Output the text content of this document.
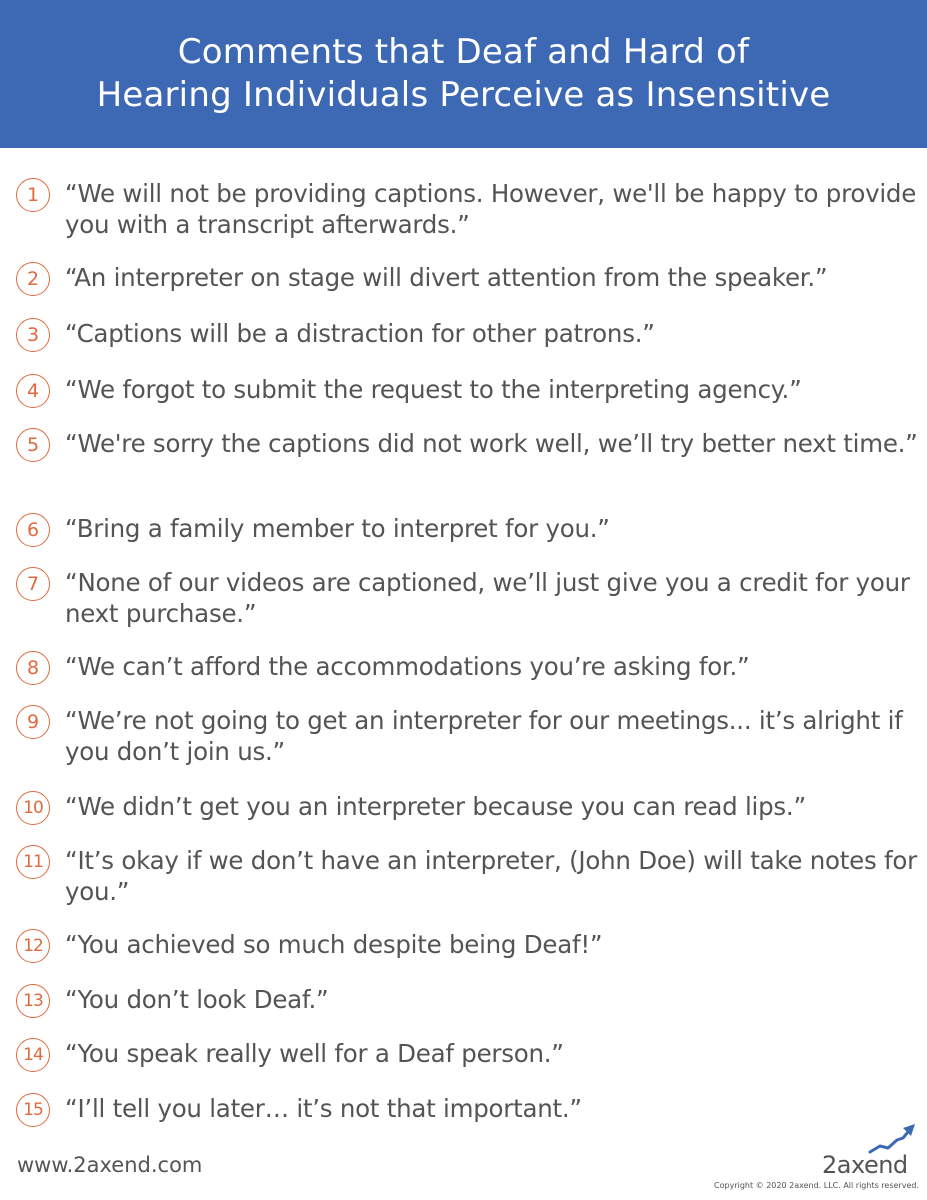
Comments that Deaf and Hard of
Hearing Individuals Perceive as Insensitive
1	“We will not be providing captions. However, we'll be happy to provide you with a transcript afterwards.”
2	“An interpreter on stage will divert attention from the speaker.”
3	“Captions will be a distraction for other patrons.”
4	“We forgot to submit the request to the interpreting agency.”
5	“We're sorry the captions did not work well, we’ll try better next time.”
6	“Bring a family member to interpret for you.”
7	“None of our videos are captioned, we’ll just give you a credit for your next purchase.”
8	“We can’t afford the accommodations you’re asking for.”
9	“We’re not going to get an interpreter for our meetings... it’s alright if you don’t join us.”
10 “We didn’t get you an interpreter because you can read lips.”
11 “It’s okay if we don’t have an interpreter, (John Doe) will take notes for you.”
12 “You achieved so much despite being Deaf!”
13 “You don’t look Deaf.”
14 “You speak really well for a Deaf person.”
15 “I’ll tell you later… it’s not that important.”
www.2axend.com	2axend
Copyright © 2020 2axend. LLC. All rights reserved.
